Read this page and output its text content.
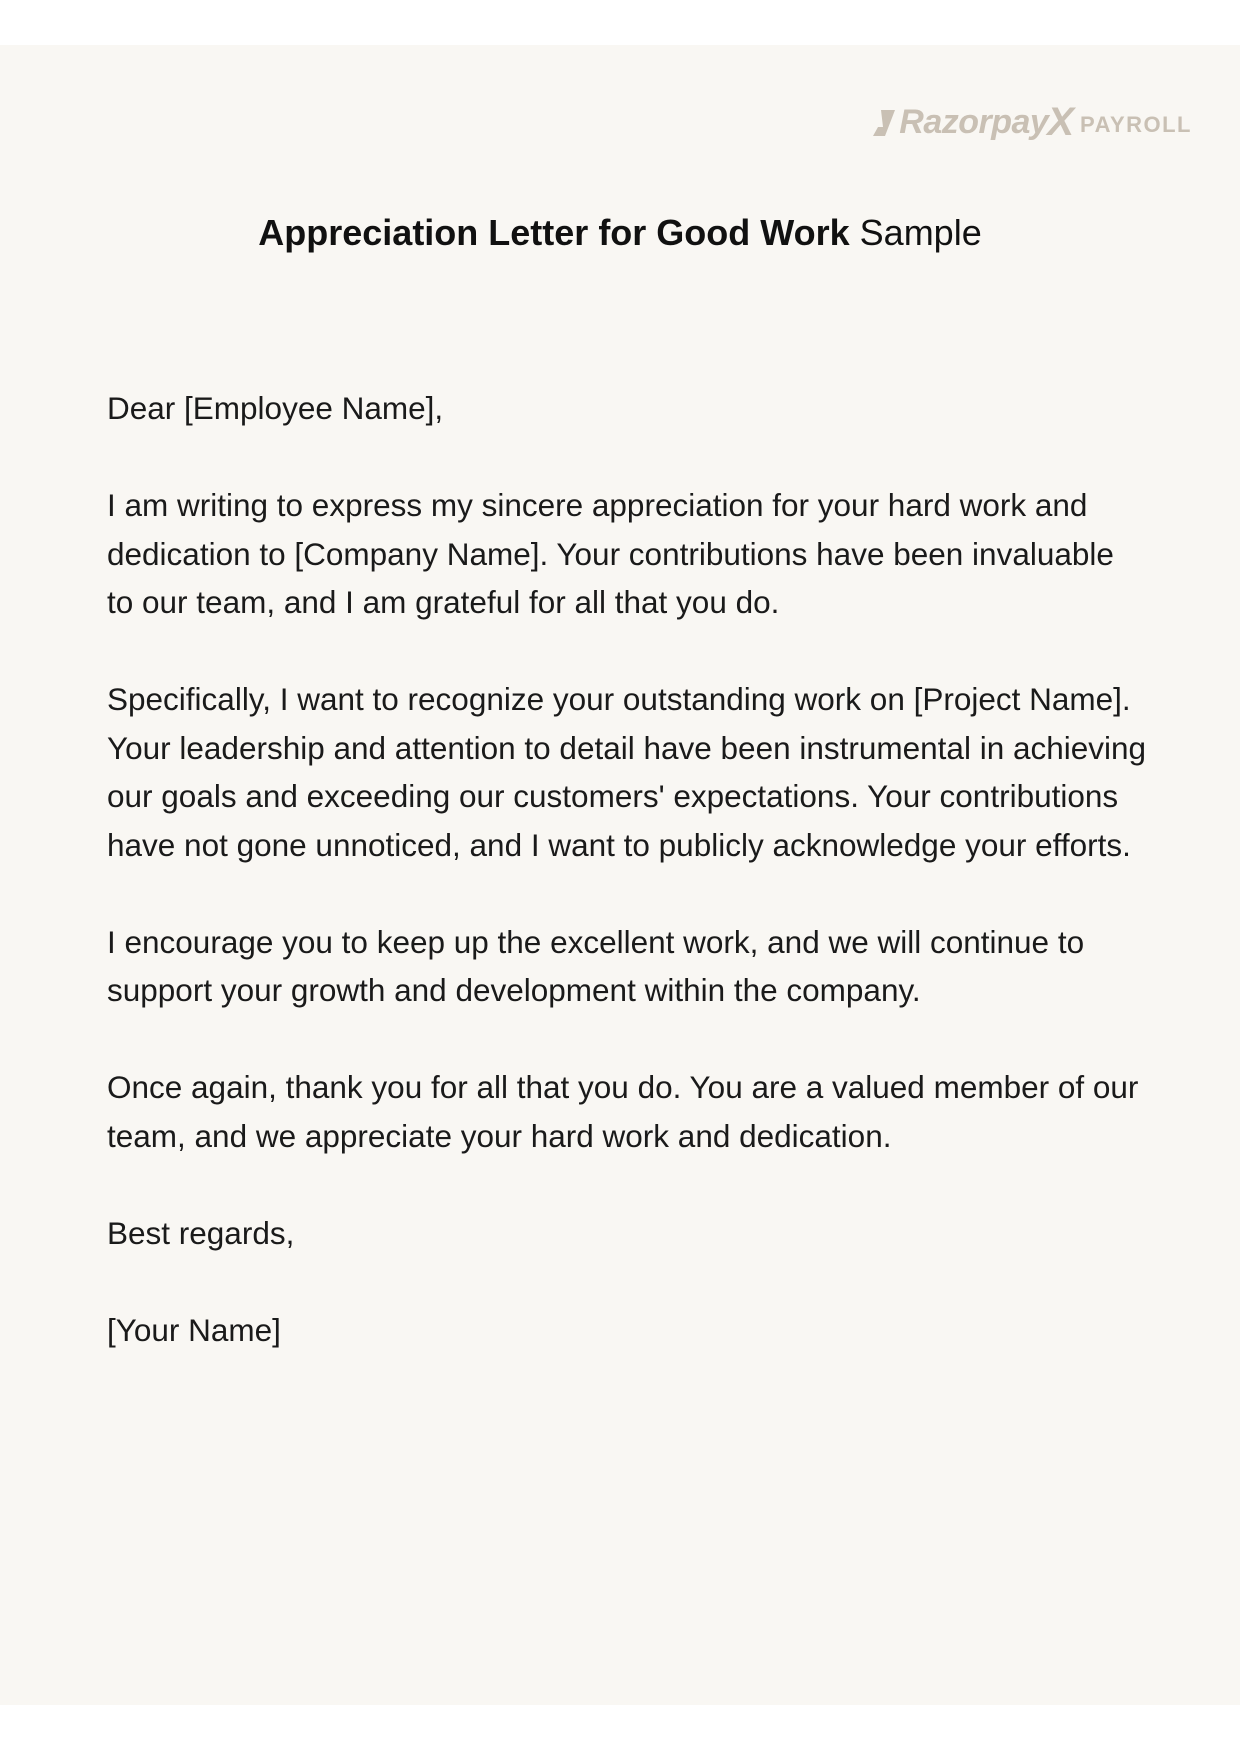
Razorpay X PAYROLL
Appreciation Letter for Good Work Sample

Dear [Employee Name],

I am writing to express my sincere appreciation for your hard work and dedication to [Company Name]. Your contributions have been invaluable to our team, and I am grateful for all that you do.

Specifically, I want to recognize your outstanding work on [Project Name]. Your leadership and attention to detail have been instrumental in achieving our goals and exceeding our customers' expectations. Your contributions have not gone unnoticed, and I want to publicly acknowledge your efforts.

I encourage you to keep up the excellent work, and we will continue to support your growth and development within the company.

Once again, thank you for all that you do. You are a valued member of our team, and we appreciate your hard work and dedication.

Best regards,

[Your Name]
